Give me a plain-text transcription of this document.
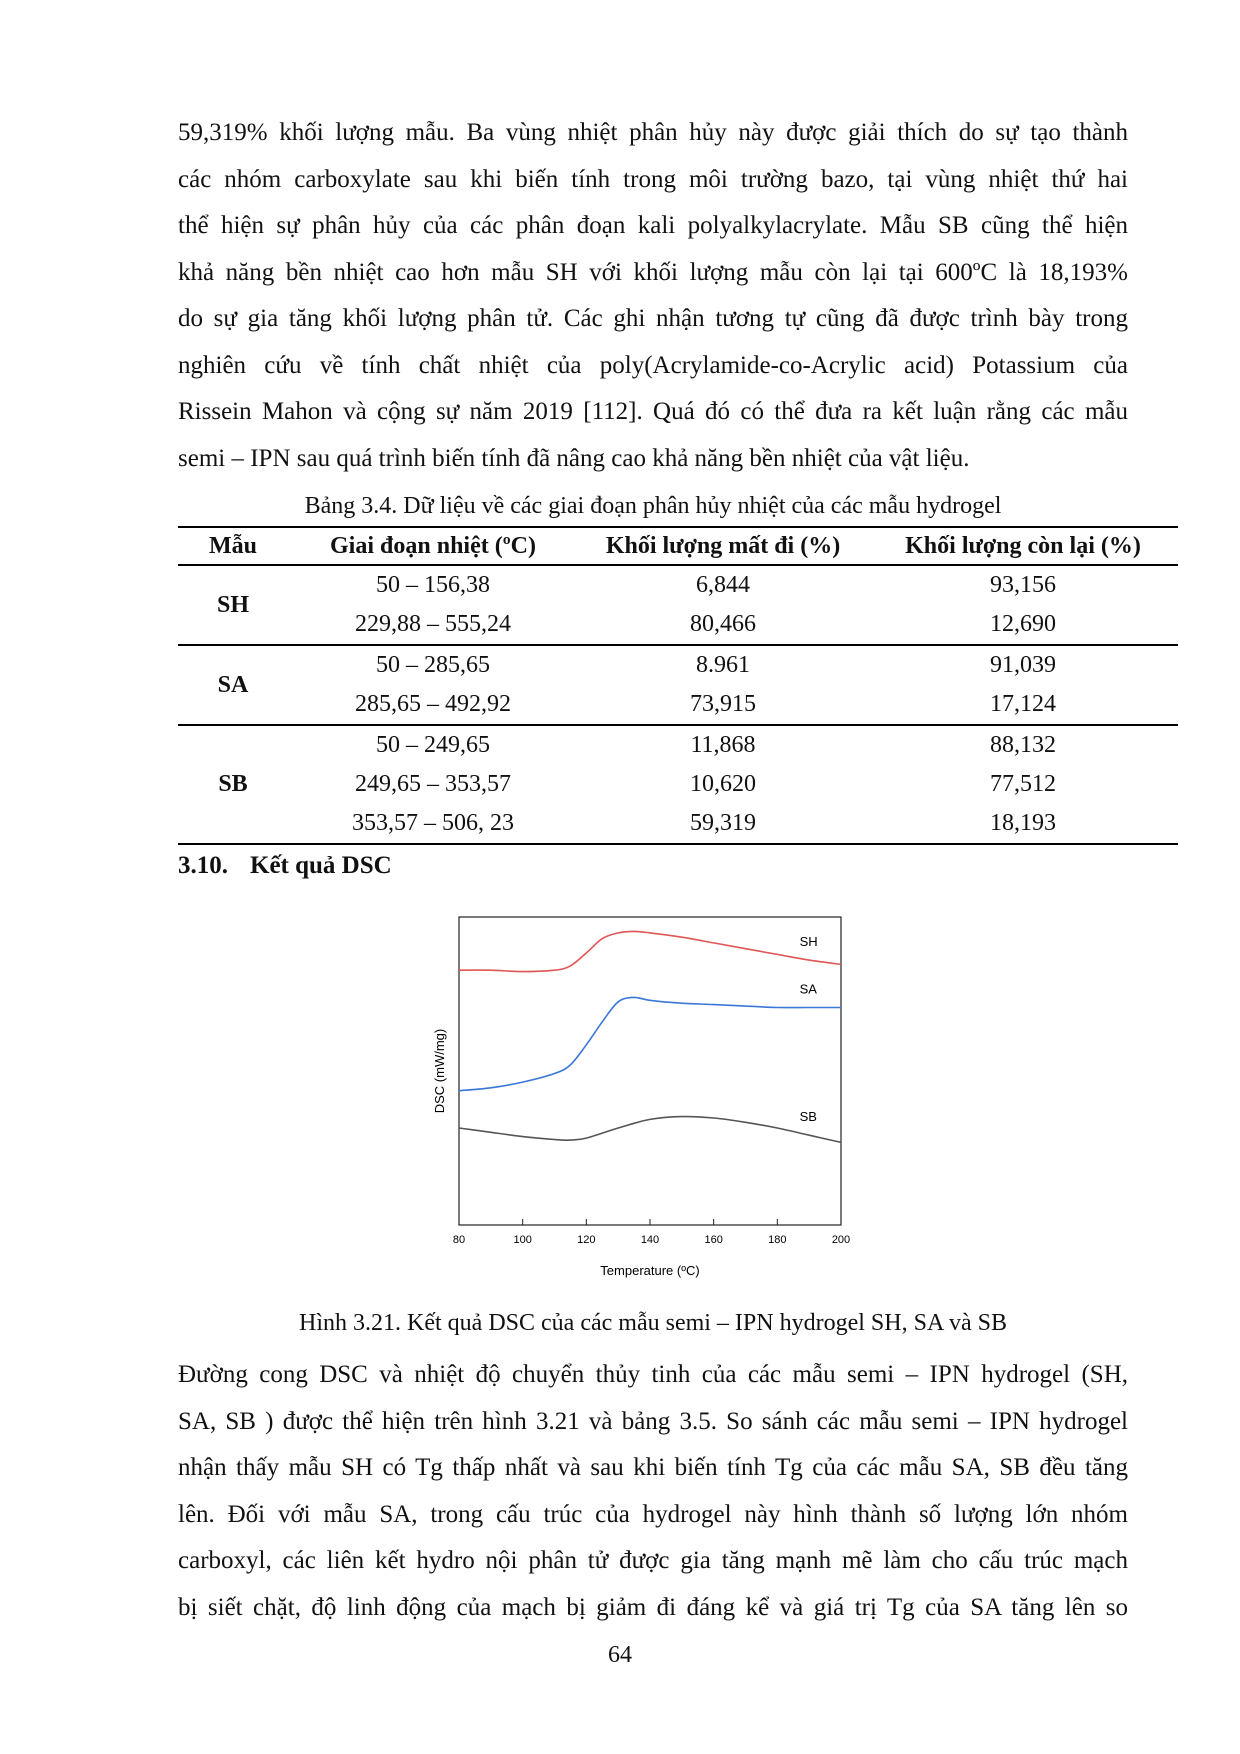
59,319% khối lượng mẫu. Ba vùng nhiệt phân hủy này được giải thích do sự tạo thành
các nhóm carboxylate sau khi biến tính trong môi trường bazo, tại vùng nhiệt thứ hai
thể hiện sự phân hủy của các phân đoạn kali polyalkylacrylate. Mẫu SB cũng thể hiện
khả năng bền nhiệt cao hơn mẫu SH với khối lượng mẫu còn lại tại 600ºC là 18,193%
do sự gia tăng khối lượng phân tử. Các ghi nhận tương tự cũng đã được trình bày trong
nghiên cứu về tính chất nhiệt của poly(Acrylamide-co-Acrylic acid) Potassium của
Rissein Mahon và cộng sự năm 2019 [112]. Quá đó có thể đưa ra kết luận rằng các mẫu
semi – IPN sau quá trình biến tính đã nâng cao khả năng bền nhiệt của vật liệu.

Bảng 3.4. Dữ liệu về các giai đoạn phân hủy nhiệt của các mẫu hydrogel

Mẫu	Giai đoạn nhiệt (ºC)	Khối lượng mất đi (%)	Khối lượng còn lại (%)
SH	50 – 156,38	6,844	93,156
	229,88 – 555,24	80,466	12,690
SA	50 – 285,65	8.961	91,039
	285,65 – 492,92	73,915	17,124
SB	50 – 249,65	11,868	88,132
	249,65 – 353,57	10,620	77,512
	353,57 – 506, 23	59,319	18,193

3.10. Kết quả DSC

80	100	120	140	160	180	200
SH
SA
SB
DSC (mW/mg)
Temperature (ºC)

Hình 3.21. Kết quả DSC của các mẫu semi – IPN hydrogel SH, SA và SB

Đường cong DSC và nhiệt độ chuyển thủy tinh của các mẫu semi – IPN hydrogel (SH,
SA, SB ) được thể hiện trên hình 3.21 và bảng 3.5. So sánh các mẫu semi – IPN hydrogel
nhận thấy mẫu SH có Tg thấp nhất và sau khi biến tính Tg của các mẫu SA, SB đều tăng
lên. Đối với mẫu SA, trong cấu trúc của hydrogel này hình thành số lượng lớn nhóm
carboxyl, các liên kết hydro nội phân tử được gia tăng mạnh mẽ làm cho cấu trúc mạch
bị siết chặt, độ linh động của mạch bị giảm đi đáng kể và giá trị Tg của SA tăng lên so

64
